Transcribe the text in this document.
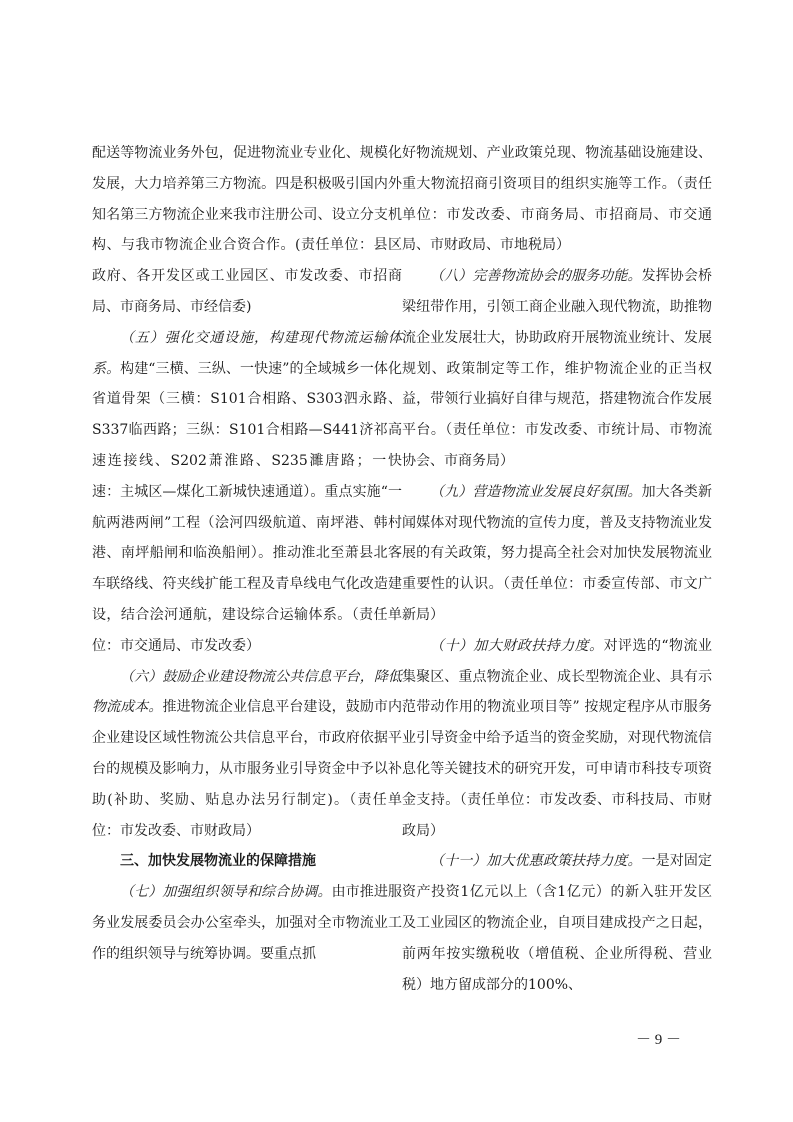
配送等物流业务外包，促进物流业专业化、规模化发展，大力培养第三方物流。四是积极吸引国内外知名第三方物流企业来我市注册公司、设立分支机构、与我市物流企业合资合作。(责任单位：县区政府、各开发区或工业园区、市发改委、市招商局、市商务局、市经信委)

（五）强化交通设施，构建现代物流运输体系。构建“三横、三纵、一快速”的全域城乡一体化省道骨架（三横：S101合相路、S303泗永路、S337临西路；三纵：S101合相路—S441济祁高速连接线、S202萧淮路、S235濉唐路；一快速：主城区—煤化工新城快速通道）。重点实施“一航两港两闸”工程（浍河四级航道、南坪港、韩村港、南坪船闸和临涣船闸）。推动淮北至萧县北客车联络线、符夹线扩能工程及青阜线电气化改造建设，结合浍河通航，建设综合运输体系。（责任单位：市交通局、市发改委）

（六）鼓励企业建设物流公共信息平台，降低物流成本。推进物流企业信息平台建设，鼓励市内企业建设区域性物流公共信息平台，市政府依据平台的规模及影响力，从市服务业引导资金中予以补助(补助、奖励、贴息办法另行制定)。（责任单位：市发改委、市财政局）

三、加快发展物流业的保障措施

（七）加强组织领导和综合协调。由市推进服务业发展委员会办公室牵头，加强对全市物流业工作的组织领导与统筹协调。要重点抓

好物流规划、产业政策兑现、物流基础设施建设、重大物流招商引资项目的组织实施等工作。（责任单位：市发改委、市商务局、市招商局、市交通局、市财政局、市地税局）

（八）完善物流协会的服务功能。发挥协会桥梁纽带作用，引领工商企业融入现代物流，助推物流企业发展壮大，协助政府开展物流业统计、发展规划、政策制定等工作，维护物流企业的正当权益，带领行业搞好自律与规范，搭建物流合作发展平台。（责任单位：市发改委、市统计局、市物流协会、市商务局）

（九）营造物流业发展良好氛围。加大各类新闻媒体对现代物流的宣传力度，普及支持物流业发展的有关政策，努力提高全社会对加快发展物流业重要性的认识。（责任单位：市委宣传部、市文广新局）

（十）加大财政扶持力度。对评选的“物流业集聚区、重点物流企业、成长型物流企业、具有示范带动作用的物流业项目等” 按规定程序从市服务业引导资金中给予适当的资金奖励，对现代物流信息化等关键技术的研究开发，可申请市科技专项资金支持。（责任单位：市发改委、市科技局、市财政局）

（十一）加大优惠政策扶持力度。一是对固定资产投资1亿元以上（含1亿元）的新入驻开发区及工业园区的物流企业，自项目建成投产之日起，前两年按实缴税收（增值税、企业所得税、营业税）地方留成部分的100%、

－ 9 －
